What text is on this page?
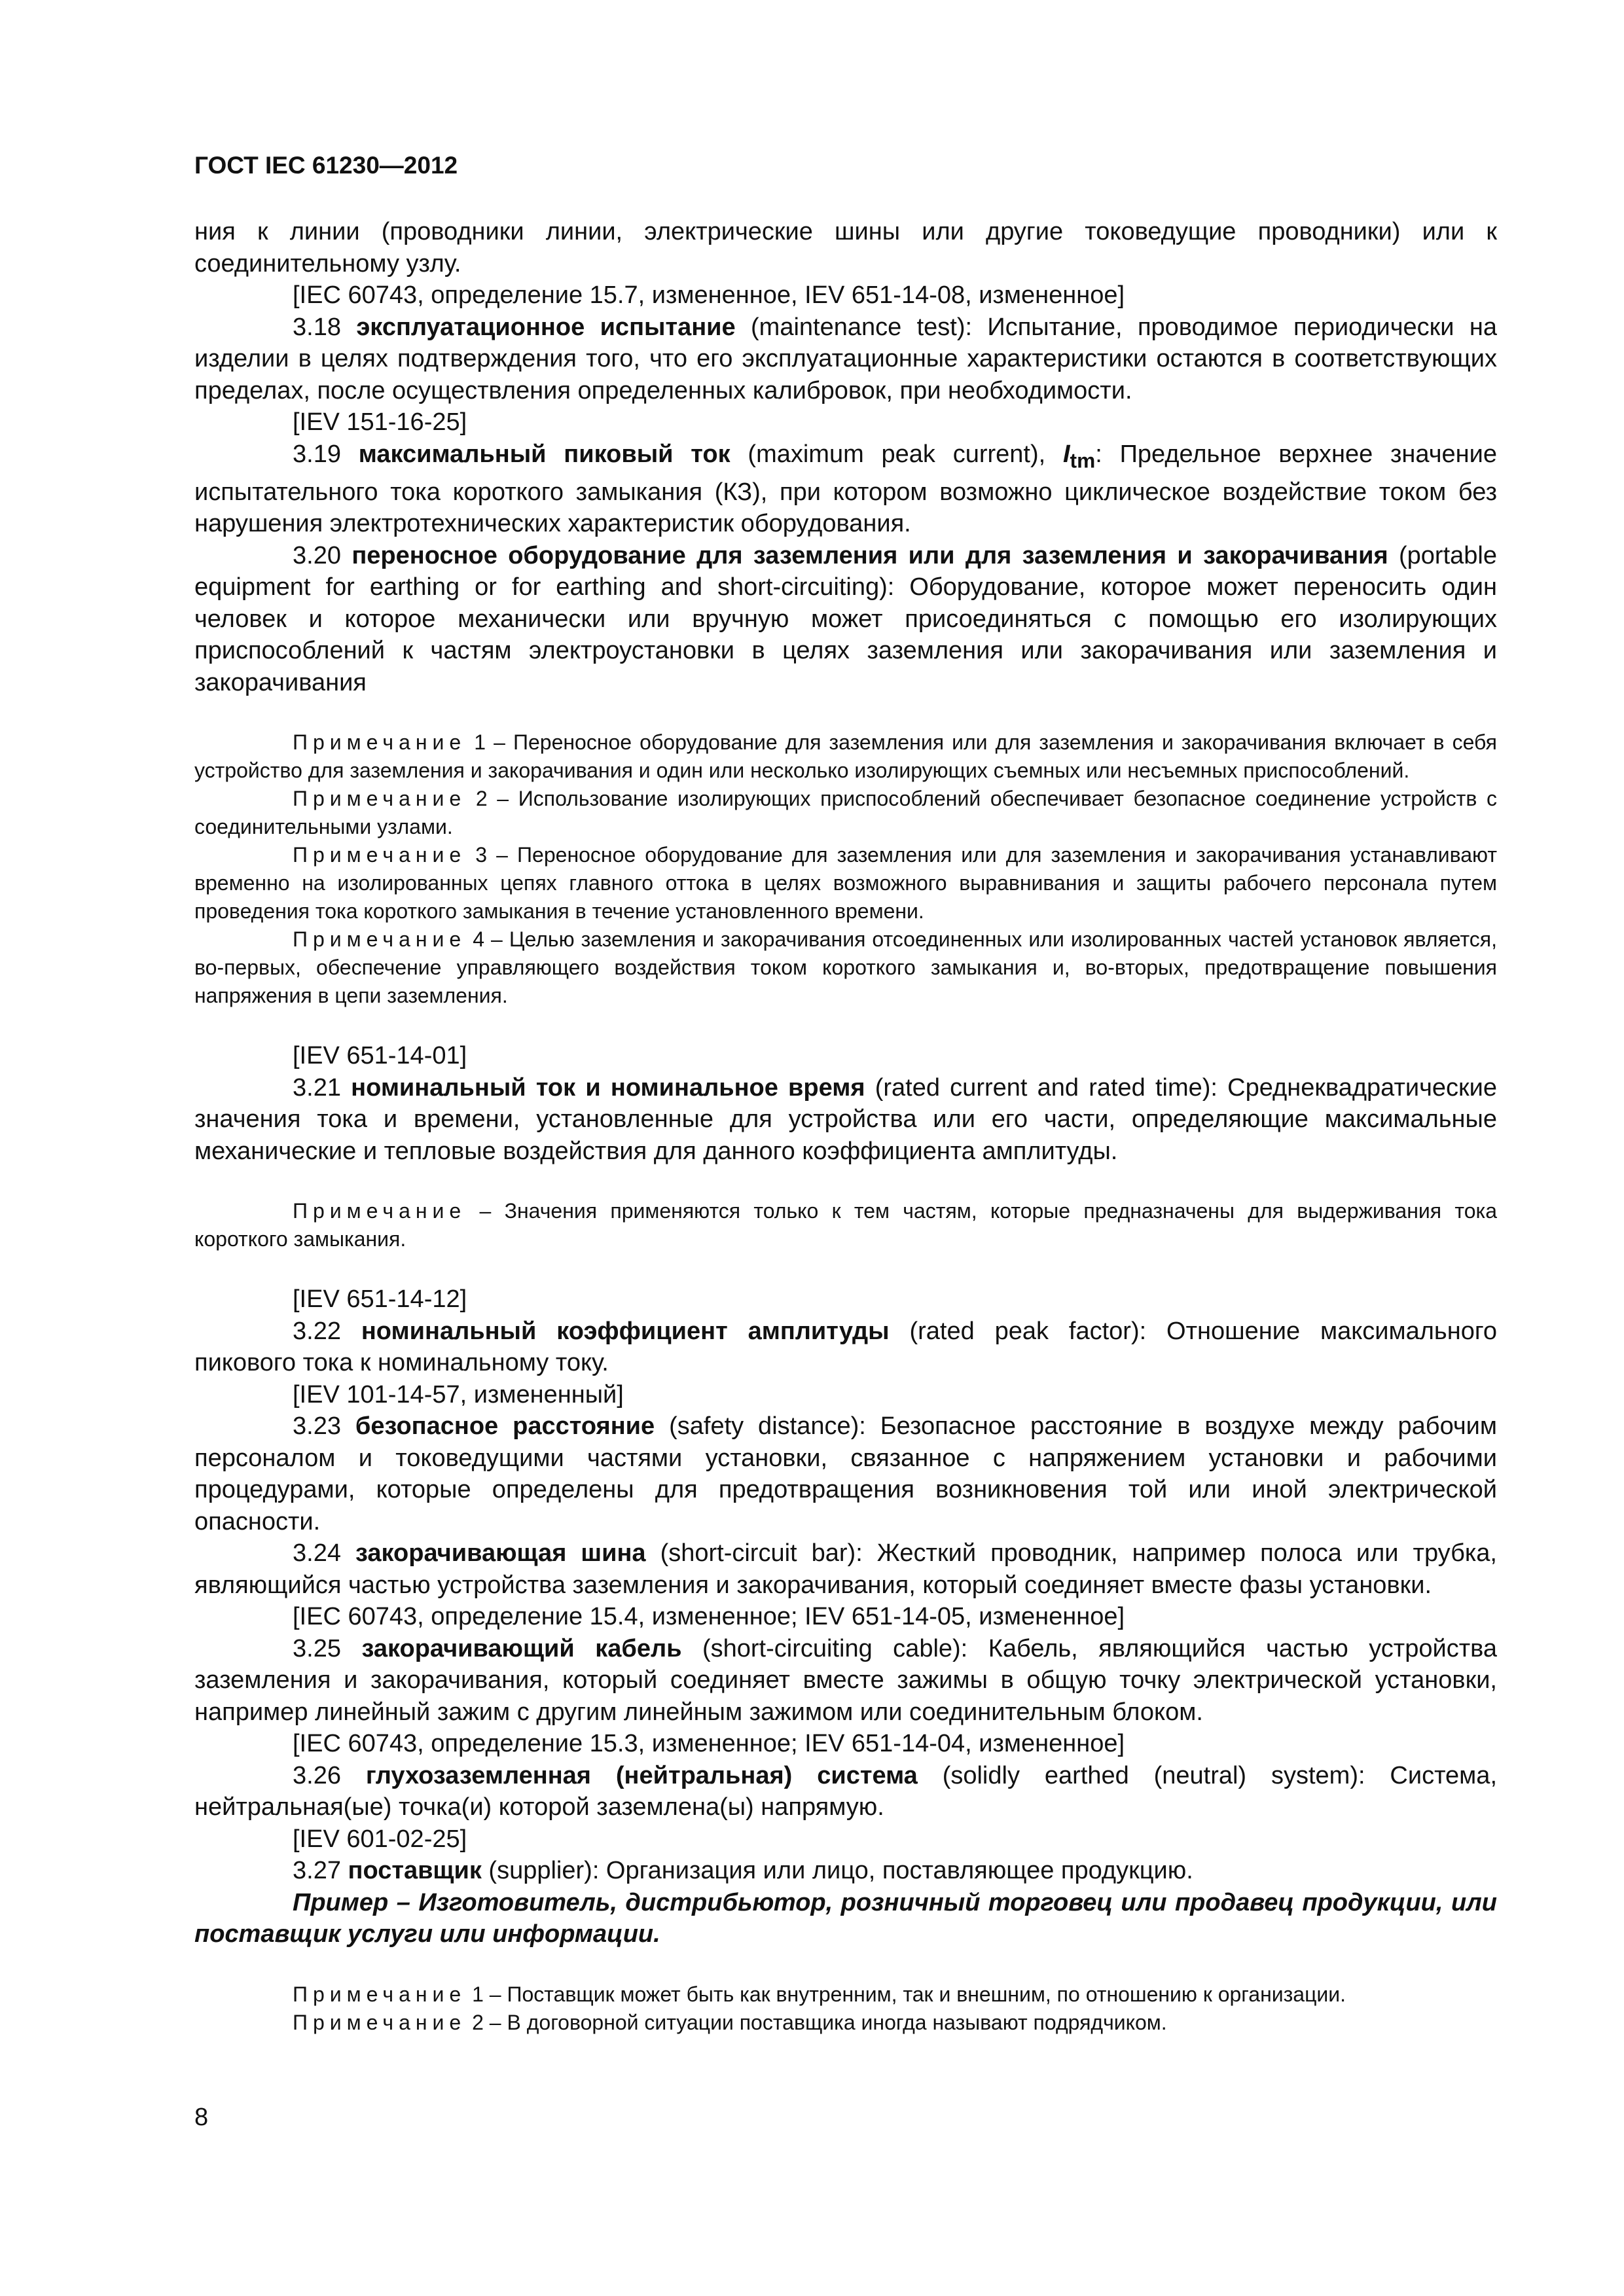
ГОСТ IEC 61230—2012

ния к линии (проводники линии, электрические шины или другие токоведущие проводники) или к соединительному узлу.

[IEC 60743, определение 15.7, измененное, IEV 651-14-08, измененное]

3.18 эксплуатационное испытание (maintenance test): Испытание, проводимое периодически на изделии в целях подтверждения того, что его эксплуатационные характеристики остаются в соответствующих пределах, после осуществления определенных калибровок, при необходимости.

[IEV 151-16-25]

3.19 максимальный пиковый ток (maximum peak current), $I_{tm}$: Предельное верхнее значение испытательного тока короткого замыкания (КЗ), при котором возможно циклическое воздействие током без нарушения электротехнических характеристик оборудования.

3.20 переносное оборудование для заземления или для заземления и закорачивания (portable equipment for earthing or for earthing and short-circuiting): Оборудование, которое может переносить один человек и которое механически или вручную может присоединяться с помощью его изолирующих приспособлений к частям электроустановки в целях заземления или закорачивания или заземления и закорачивания

Примечание 1 – Переносное оборудование для заземления или для заземления и закорачивания включает в себя устройство для заземления и закорачивания и один или несколько изолирующих съемных или несъемных приспособлений.

Примечание 2 – Использование изолирующих приспособлений обеспечивает безопасное соединение устройств с соединительными узлами.

Примечание 3 – Переносное оборудование для заземления или для заземления и закорачивания устанавливают временно на изолированных цепях главного оттока в целях возможного выравнивания и защиты рабочего персонала путем проведения тока короткого замыкания в течение установленного времени.

Примечание 4 – Целью заземления и закорачивания отсоединенных или изолированных частей установок является, во-первых, обеспечение управляющего воздействия током короткого замыкания и, во-вторых, предотвращение повышения напряжения в цепи заземления.

[IEV 651-14-01]

3.21 номинальный ток и номинальное время (rated current and rated time): Среднеквадратические значения тока и времени, установленные для устройства или его части, определяющие максимальные механические и тепловые воздействия для данного коэффициента амплитуды.

Примечание – Значения применяются только к тем частям, которые предназначены для выдерживания тока короткого замыкания.

[IEV 651-14-12]

3.22 номинальный коэффициент амплитуды (rated peak factor): Отношение максимального пикового тока к номинальному току.

[IEV 101-14-57, измененный]

3.23 безопасное расстояние (safety distance): Безопасное расстояние в воздухе между рабочим персоналом и токоведущими частями установки, связанное с напряжением установки и рабочими процедурами, которые определены для предотвращения возникновения той или иной электрической опасности.

3.24 закорачивающая шина (short-circuit bar): Жесткий проводник, например полоса или трубка, являющийся частью устройства заземления и закорачивания, который соединяет вместе фазы установки.

[IEC 60743, определение 15.4, измененное; IEV 651-14-05, измененное]

3.25 закорачивающий кабель (short-circuiting cable): Кабель, являющийся частью устройства заземления и закорачивания, который соединяет вместе зажимы в общую точку электрической установки, например линейный зажим с другим линейным зажимом или соединительным блоком.

[IEC 60743, определение 15.3, измененное; IEV 651-14-04, измененное]

3.26 глухозаземленная (нейтральная) система (solidly earthed (neutral) system): Система, нейтральная(ые) точка(и) которой заземлена(ы) напрямую.

[IEV 601-02-25]

3.27 поставщик (supplier): Организация или лицо, поставляющее продукцию.

Пример – Изготовитель, дистрибьютор, розничный торговец или продавец продукции, или поставщик услуги или информации.

Примечание 1 – Поставщик может быть как внутренним, так и внешним, по отношению к организации.

Примечание 2 – В договорной ситуации поставщика иногда называют подрядчиком.

8
